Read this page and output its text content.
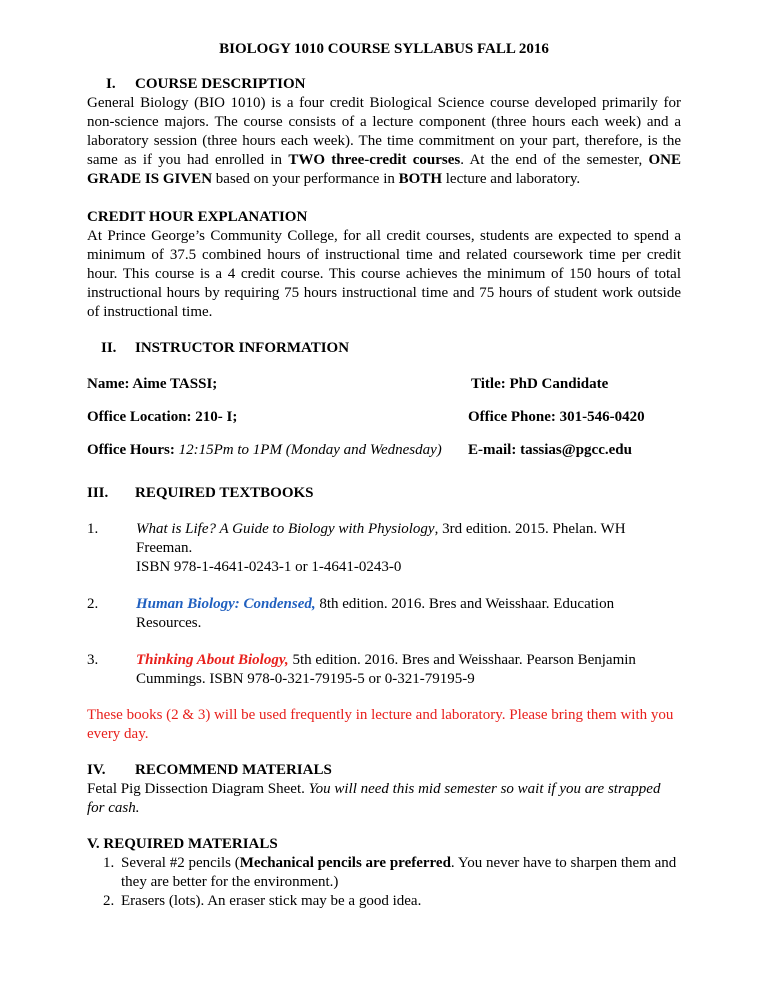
BIOLOGY 1010 COURSE SYLLABUS FALL 2016

I. COURSE DESCRIPTION

General Biology (BIO 1010) is a four credit Biological Science course developed primarily for non-science majors. The course consists of a lecture component (three hours each week) and a laboratory session (three hours each week). The time commitment on your part, therefore, is the same as if you had enrolled in TWO three-credit courses. At the end of the semester, ONE GRADE IS GIVEN based on your performance in BOTH lecture and laboratory.

CREDIT HOUR EXPLANATION

At Prince George’s Community College, for all credit courses, students are expected to spend a minimum of 37.5 combined hours of instructional time and related coursework time per credit hour. This course is a 4 credit course. This course achieves the minimum of 150 hours of total instructional hours by requiring 75 hours instructional time and 75 hours of student work outside of instructional time.

II. INSTRUCTOR INFORMATION
Name: Aime TASSI;	Title: PhD Candidate
Office Location: 210- I;	Office Phone: 301-546-0420
Office Hours: 12:15Pm to 1PM (Monday and Wednesday) E-mail: tassias@pgcc.edu
III. REQUIRED TEXTBOOKS
1.	What is Life? A Guide to Biology with Physiology, 3rd edition. 2015. Phelan. WH Freeman.
ISBN 978-1-4641-0243-1 or 1-4641-0243-0
2.	Human Biology: Condensed, 8th edition. 2016. Bres and Weisshaar. Education Resources.
3.	Thinking About Biology, 5th edition. 2016. Bres and Weisshaar. Pearson Benjamin Cummings. ISBN 978-0-321-79195-5 or 0-321-79195-9

These books (2 & 3) will be used frequently in lecture and laboratory. Please bring them with you every day.

IV. RECOMMEND MATERIALS

Fetal Pig Dissection Diagram Sheet. You will need this mid semester so wait if you are strapped for cash.

V. REQUIRED MATERIALS

1. Several #2 pencils (Mechanical pencils are preferred. You never have to sharpen them and they are better for the environment.)
2. Erasers (lots). An eraser stick may be a good idea.
